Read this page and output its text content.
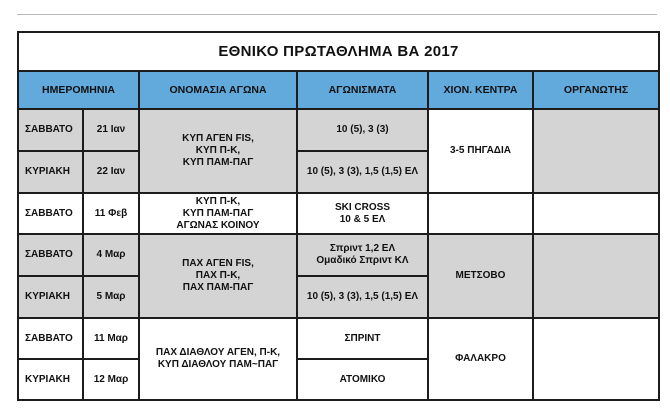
ΕΘΝΙΚΟ ΠΡΩΤΑΘΛΗΜΑ ΒΑ 2017					
ΗΜΕΡΟΜΗΝΙΑ		ΟΝΟΜΑΣΙΑ ΑΓΩΝΑ	ΑΓΩΝΙΣΜΑΤΑ	ΧΙΟΝ. ΚΕΝΤΡΑ	ΟΡΓΑΝΩΤΗΣ
ΣΑΒΒΑΤΟ	21 Ιαν	ΚΥΠ ΑΓΕΝ FIS,
ΚΥΠ Π-Κ,
ΚΥΠ ΠΑΜ-ΠΑΓ	10 (5), 3 (3)	3-5 ΠΗΓΑΔΙΑ	
ΚΥΡΙΑΚΗ	22 Ιαν		10 (5), 3 (3), 1,5 (1,5) ΕΛ		
ΣΑΒΒΑΤΟ	11 Φεβ	ΚΥΠ Π-Κ,
ΚΥΠ ΠΑΜ-ΠΑΓ
ΑΓΩΝΑΣ ΚΟΙΝΟΥ	SKI CROSS
10 & 5 ΕΛ		
ΣΑΒΒΑΤΟ	4 Μαρ	ΠΑΧ ΑΓΕΝ FIS,
ΠΑΧ Π-Κ,
ΠΑΧ ΠΑΜ-ΠΑΓ	Σπριντ 1,2 ΕΛ
Ομαδικό Σπριντ ΚΛ	ΜΕΤΣΟΒΟ	
ΚΥΡΙΑΚΗ	5 Μαρ		10 (5), 3 (3), 1,5 (1,5) ΕΛ		
ΣΑΒΒΑΤΟ	11 Μαρ	ΠΑΧ ΔΙΑΘΛΟΥ ΑΓΕΝ, Π-Κ,
ΚΥΠ ΔΙΑΘΛΟΥ ΠΑΜ~ΠΑΓ	ΣΠΡΙΝΤ	ΦΑΛΑΚΡΟ	
ΚΥΡΙΑΚΗ	12 Μαρ		ΑΤΟΜΙΚΟ		
